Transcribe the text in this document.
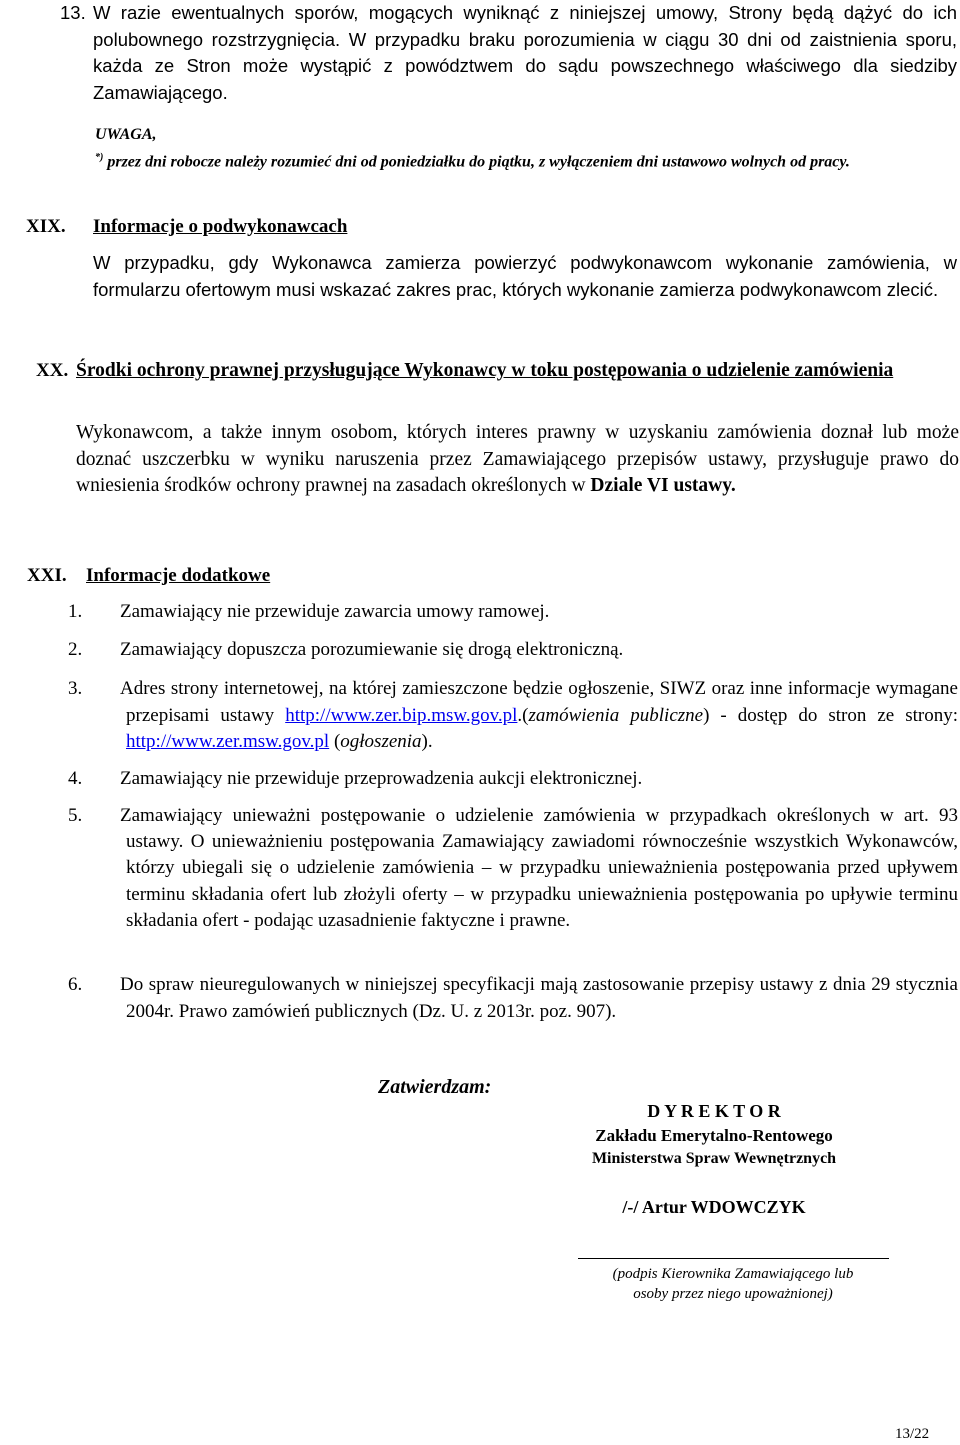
13. W razie ewentualnych sporów, mogących wyniknąć z niniejszej umowy, Strony będą dążyć do ich polubownego rozstrzygnięcia. W przypadku braku porozumienia w ciągu 30 dni od zaistnienia sporu, każda ze Stron może wystąpić z powództwem do sądu powszechnego właściwego dla siedziby Zamawiającego.
UWAGA,
*) przez dni robocze należy rozumieć dni od poniedziałku do piątku, z wyłączeniem dni ustawowo wolnych od pracy.
XIX. Informacje o podwykonawcach
W przypadku, gdy Wykonawca zamierza powierzyć podwykonawcom wykonanie zamówienia, w formularzu ofertowym musi wskazać zakres prac, których wykonanie zamierza podwykonawcom zlecić.
XX. Środki ochrony prawnej przysługujące Wykonawcy w toku postępowania o udzielenie zamówienia
Wykonawcom, a także innym osobom, których interes prawny w uzyskaniu zamówienia doznał lub może doznać uszczerbku w wyniku naruszenia przez Zamawiającego przepisów ustawy, przysługuje prawo do wniesienia środków ochrony prawnej na zasadach określonych w Dziale VI ustawy.
XXI. Informacje dodatkowe
1. Zamawiający nie przewiduje zawarcia umowy ramowej.
2. Zamawiający dopuszcza porozumiewanie się drogą elektroniczną.
3. Adres strony internetowej, na której zamieszczone będzie ogłoszenie, SIWZ oraz inne informacje wymagane przepisami ustawy http://www.zer.bip.msw.gov.pl.(zamówienia publiczne) - dostęp do stron ze strony: http://www.zer.msw.gov.pl (ogłoszenia).
4. Zamawiający nie przewiduje przeprowadzenia aukcji elektronicznej.
5. Zamawiający unieważni postępowanie o udzielenie zamówienia w przypadkach określonych w art. 93 ustawy. O unieważnieniu postępowania Zamawiający zawiadomi równocześnie wszystkich Wykonawców, którzy ubiegali się o udzielenie zamówienia – w przypadku unieważnienia postępowania przed upływem terminu składania ofert lub złożyli oferty – w przypadku unieważnienia postępowania po upływie terminu składania ofert - podając uzasadnienie faktyczne i prawne.
6. Do spraw nieuregulowanych w niniejszej specyfikacji mają zastosowanie przepisy ustawy z dnia 29 stycznia 2004r. Prawo zamówień publicznych (Dz. U. z 2013r. poz. 907).
Zatwierdzam:
D Y R E K T O R
Zakładu Emerytalno-Rentowego
Ministerstwa Spraw Wewnętrznych
/-/ Artur WDOWCZYK
(podpis Kierownika Zamawiającego lub
osoby przez niego upoważnionej)
13/22
